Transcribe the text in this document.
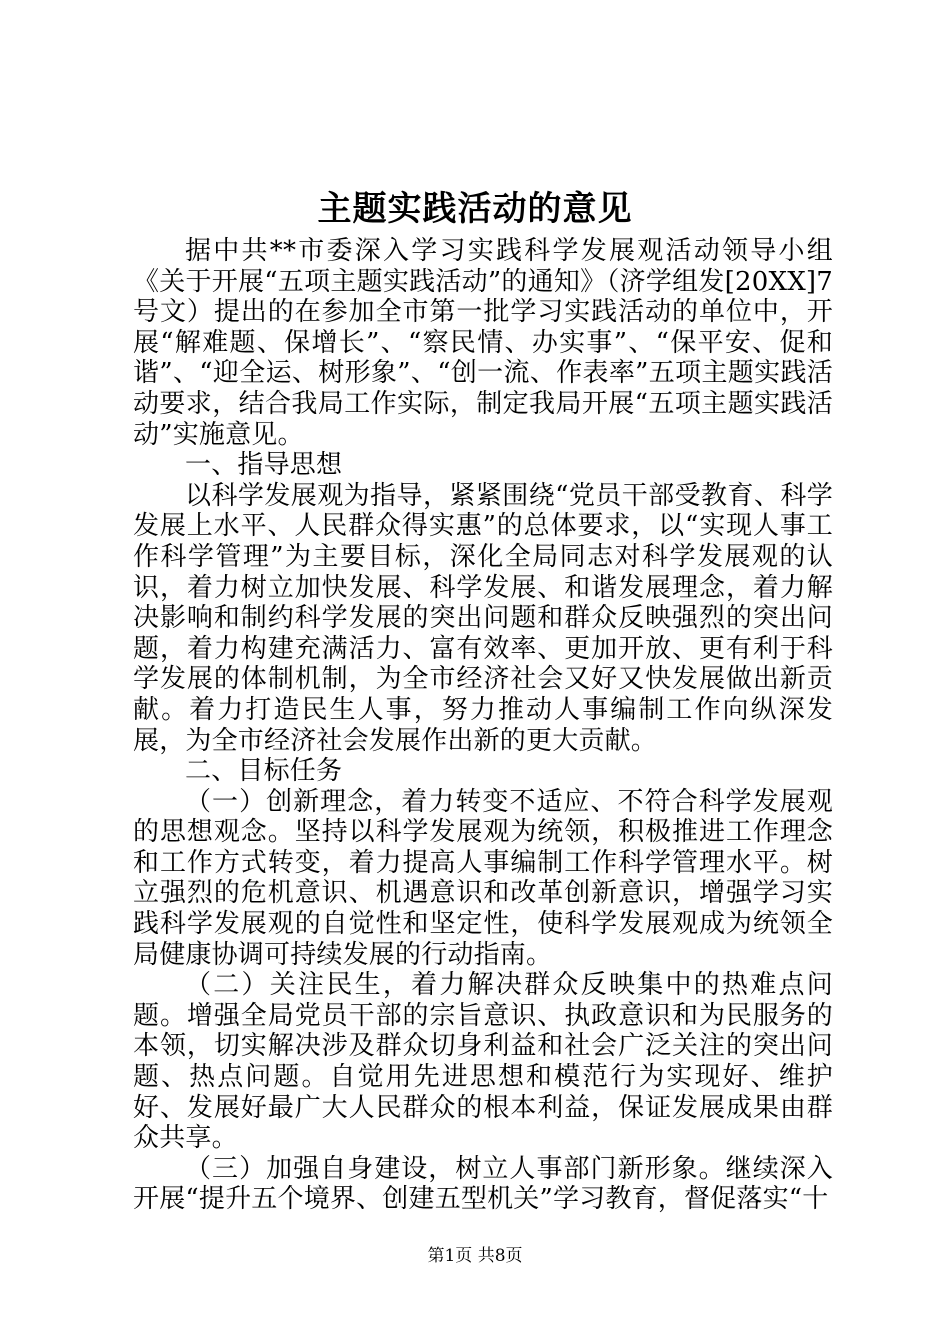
主题实践活动的意见

据中共**市委深入学习实践科学发展观活动领导小组《关于开展“五项主题实践活动”的通知》（济学组发[20XX]7号文）提出的在参加全市第一批学习实践活动的单位中，开展“解难题、保增长”、“察民情、办实事”、“保平安、促和谐”、“迎全运、树形象”、“创一流、作表率”五项主题实践活动要求，结合我局工作实际，制定我局开展“五项主题实践活动”实施意见。

一、指导思想

以科学发展观为指导，紧紧围绕“党员干部受教育、科学发展上水平、人民群众得实惠”的总体要求，以“实现人事工作科学管理”为主要目标，深化全局同志对科学发展观的认识，着力树立加快发展、科学发展、和谐发展理念，着力解决影响和制约科学发展的突出问题和群众反映强烈的突出问题，着力构建充满活力、富有效率、更加开放、更有利于科学发展的体制机制，为全市经济社会又好又快发展做出新贡献。着力打造民生人事，努力推动人事编制工作向纵深发展，为全市经济社会发展作出新的更大贡献。

二、目标任务

（一）创新理念，着力转变不适应、不符合科学发展观的思想观念。坚持以科学发展观为统领，积极推进工作理念和工作方式转变，着力提高人事编制工作科学管理水平。树立强烈的危机意识、机遇意识和改革创新意识，增强学习实践科学发展观的自觉性和坚定性，使科学发展观成为统领全局健康协调可持续发展的行动指南。

（二）关注民生，着力解决群众反映集中的热难点问题。增强全局党员干部的宗旨意识、执政意识和为民服务的本领，切实解决涉及群众切身利益和社会广泛关注的突出问题、热点问题。自觉用先进思想和模范行为实现好、维护好、发展好最广大人民群众的根本利益，保证发展成果由群众共享。

（三）加强自身建设，树立人事部门新形象。继续深入开展“提升五个境界、创建五型机关”学习教育，督促落实“十

第1页 共8页
